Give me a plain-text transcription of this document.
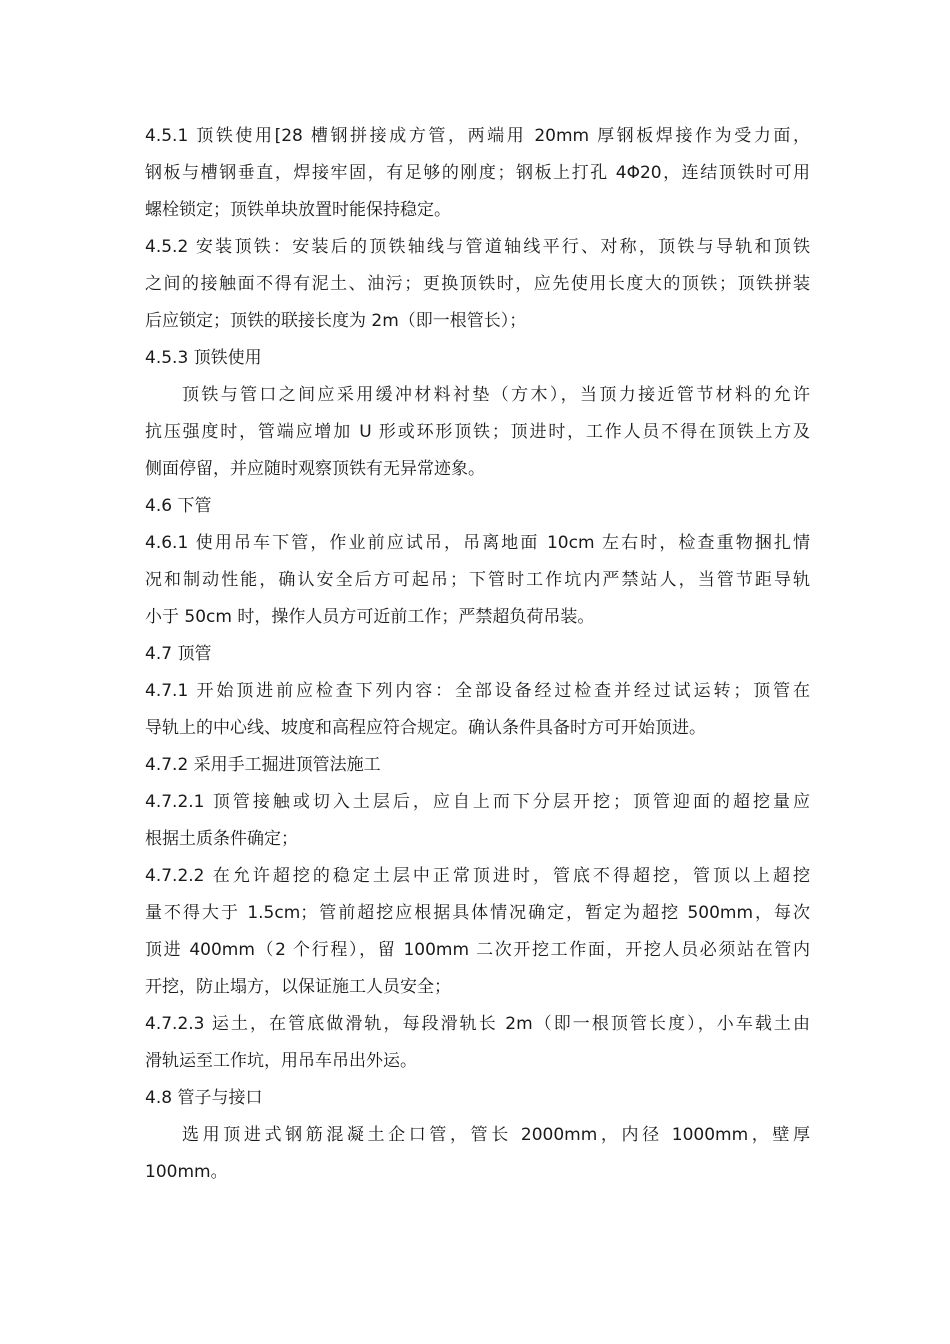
4.5.1 顶铁使用[28 槽钢拼接成方管，两端用 20mm 厚钢板焊接作为受力面，
钢板与槽钢垂直，焊接牢固，有足够的刚度；钢板上打孔 4Φ20，连结顶铁时可用
螺栓锁定；顶铁单块放置时能保持稳定。
4.5.2 安装顶铁：安装后的顶铁轴线与管道轴线平行、对称，顶铁与导轨和顶铁
之间的接触面不得有泥土、油污；更换顶铁时，应先使用长度大的顶铁；顶铁拼装
后应锁定；顶铁的联接长度为 2m（即一根管长）；
4.5.3 顶铁使用
顶铁与管口之间应采用缓冲材料衬垫（方木），当顶力接近管节材料的允许
抗压强度时，管端应增加 U 形或环形顶铁；顶进时，工作人员不得在顶铁上方及
侧面停留，并应随时观察顶铁有无异常迹象。
4.6 下管
4.6.1 使用吊车下管，作业前应试吊，吊离地面 10cm 左右时，检查重物捆扎情
况和制动性能，确认安全后方可起吊；下管时工作坑内严禁站人，当管节距导轨
小于 50cm 时，操作人员方可近前工作；严禁超负荷吊装。
4.7 顶管
4.7.1 开始顶进前应检查下列内容：全部设备经过检查并经过试运转；顶管在
导轨上的中心线、坡度和高程应符合规定。确认条件具备时方可开始顶进。
4.7.2 采用手工掘进顶管法施工
4.7.2.1 顶管接触或切入土层后，应自上而下分层开挖；顶管迎面的超挖量应
根据土质条件确定；
4.7.2.2 在允许超挖的稳定土层中正常顶进时，管底不得超挖，管顶以上超挖
量不得大于 1.5cm；管前超挖应根据具体情况确定，暂定为超挖 500mm，每次
顶进 400mm（2 个行程），留 100mm 二次开挖工作面，开挖人员必须站在管内
开挖，防止塌方，以保证施工人员安全；
4.7.2.3 运土，在管底做滑轨，每段滑轨长 2m（即一根顶管长度），小车载土由
滑轨运至工作坑，用吊车吊出外运。
4.8 管子与接口
选用顶进式钢筋混凝土企口管，管长 2000mm，内径 1000mm，壁厚
100mm。
